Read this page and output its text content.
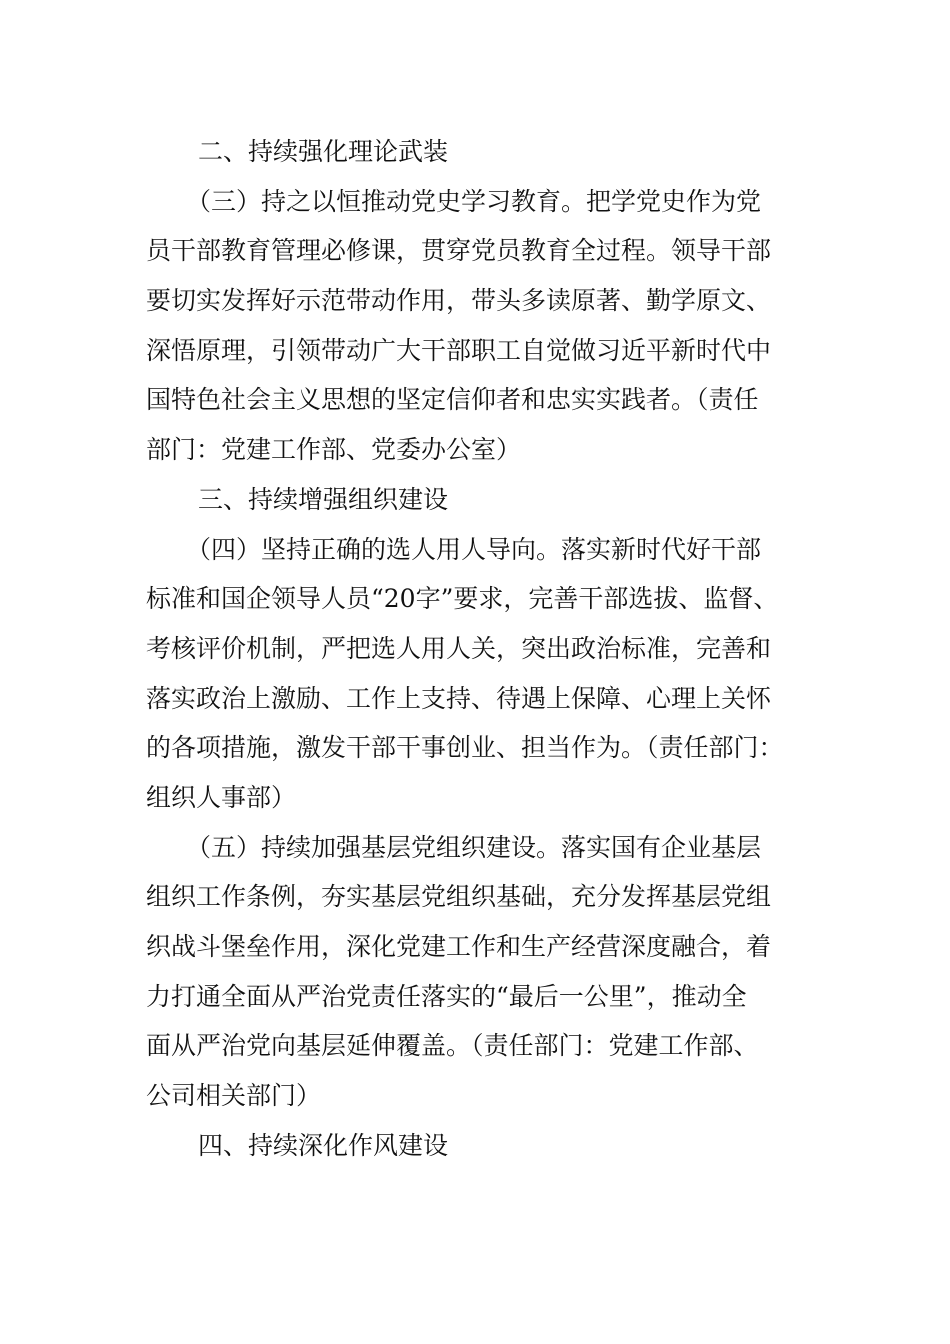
二、持续强化理论武装
（三）持之以恒推动党史学习教育。把学党史作为党
员干部教育管理必修课，贯穿党员教育全过程。领导干部
要切实发挥好示范带动作用，带头多读原著、勤学原文、
深悟原理，引领带动广大干部职工自觉做习近平新时代中
国特色社会主义思想的坚定信仰者和忠实实践者。（责任
部门：党建工作部、党委办公室）
三、持续增强组织建设
（四）坚持正确的选人用人导向。落实新时代好干部
标准和国企领导人员“20字”要求，完善干部选拔、监督、
考核评价机制，严把选人用人关，突出政治标准，完善和
落实政治上激励、工作上支持、待遇上保障、心理上关怀
的各项措施，激发干部干事创业、担当作为。（责任部门：
组织人事部）
（五）持续加强基层党组织建设。落实国有企业基层
组织工作条例，夯实基层党组织基础，充分发挥基层党组
织战斗堡垒作用，深化党建工作和生产经营深度融合，着
力打通全面从严治党责任落实的“最后一公里”，推动全
面从严治党向基层延伸覆盖。（责任部门：党建工作部、
公司相关部门）
四、持续深化作风建设
